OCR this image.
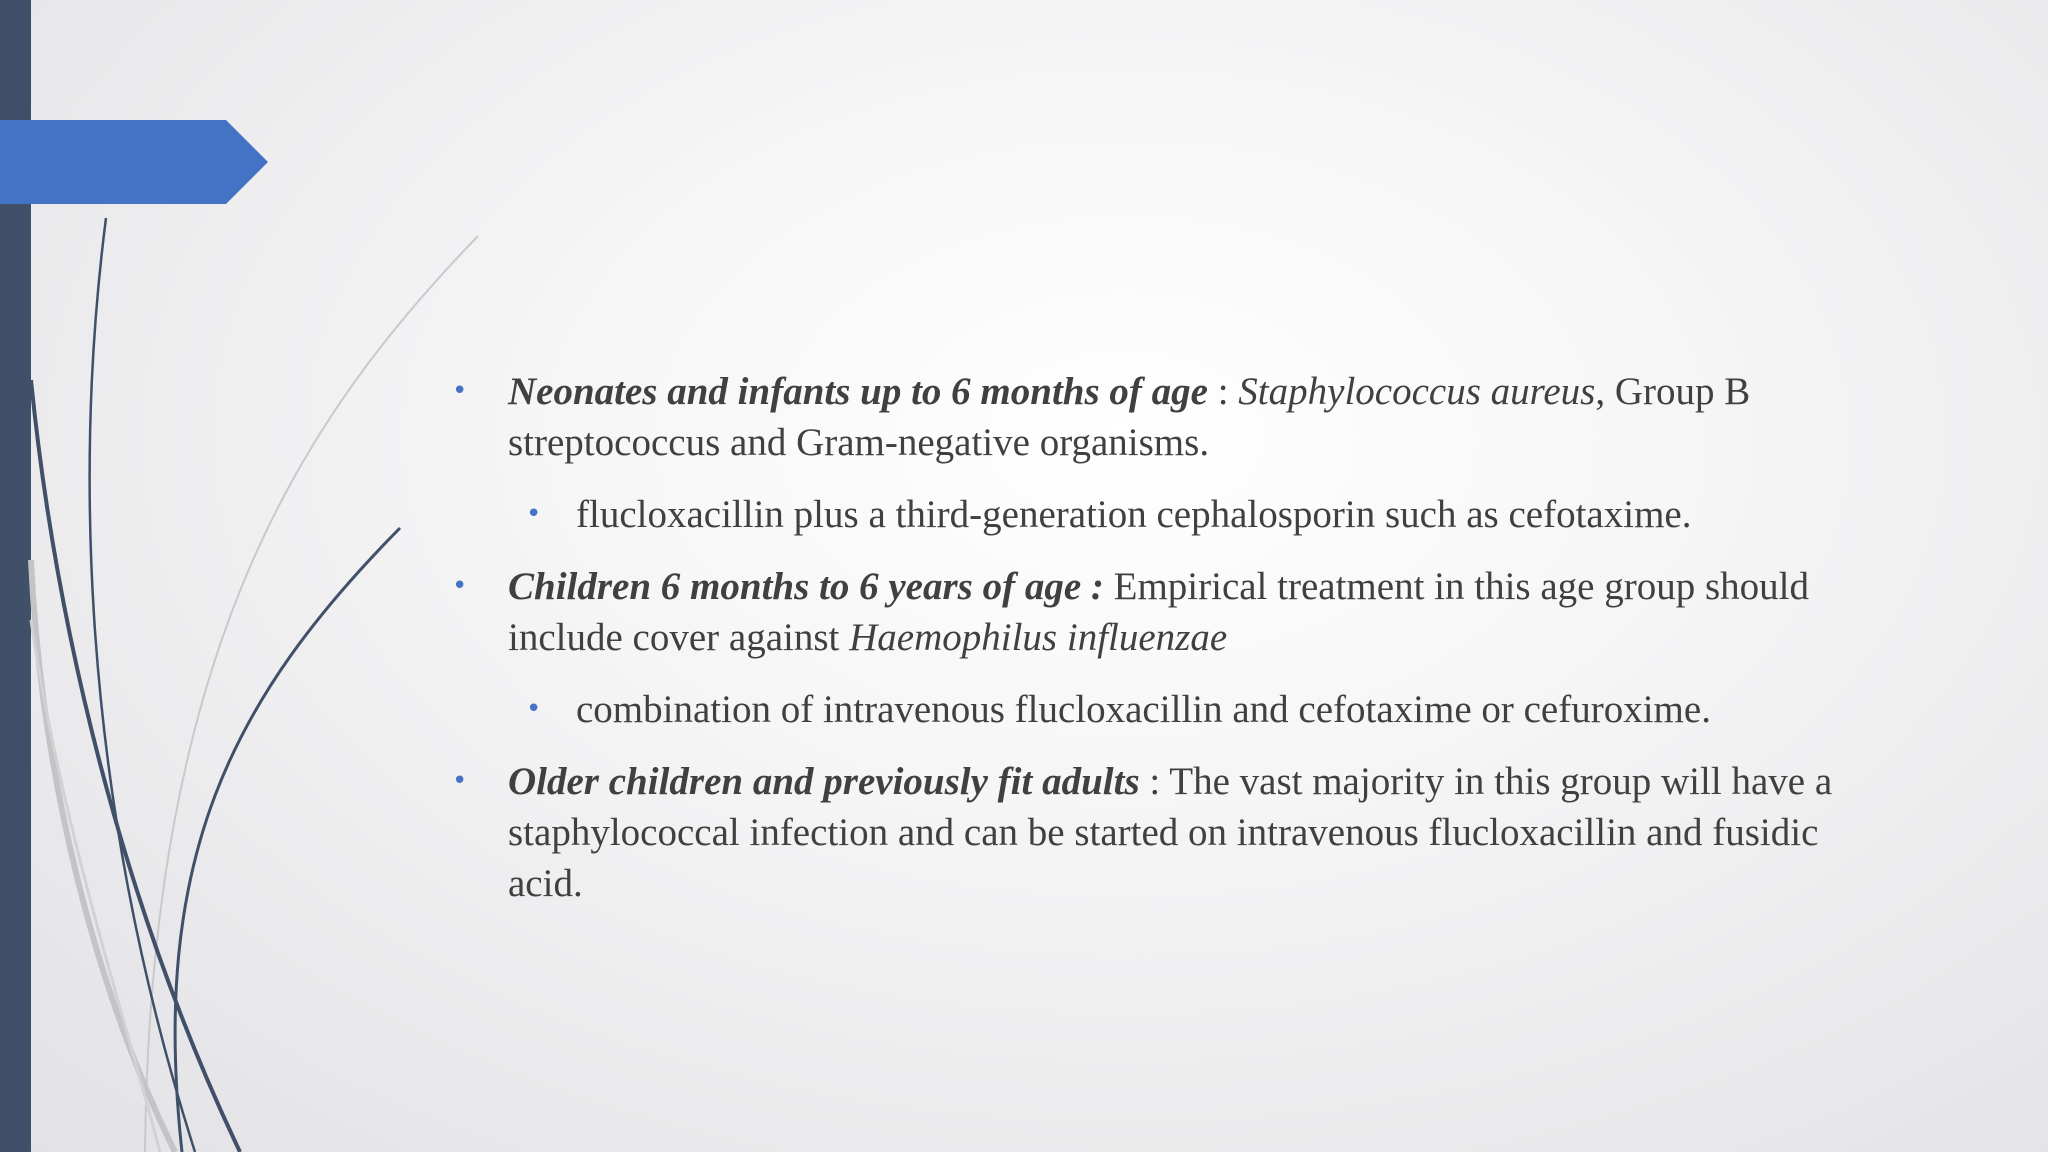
• Neonates and infants up to 6 months of age : Staphylococcus aureus, Group B streptococcus and Gram-negative organisms.
• flucloxacillin plus a third-generation cephalosporin such as cefotaxime.
• Children 6 months to 6 years of age : Empirical treatment in this age group should include cover against Haemophilus influenzae
• combination of intravenous flucloxacillin and cefotaxime or cefuroxime.
• Older children and previously fit adults : The vast majority in this group will have a staphylococcal infection and can be started on intravenous flucloxacillin and fusidic acid.
